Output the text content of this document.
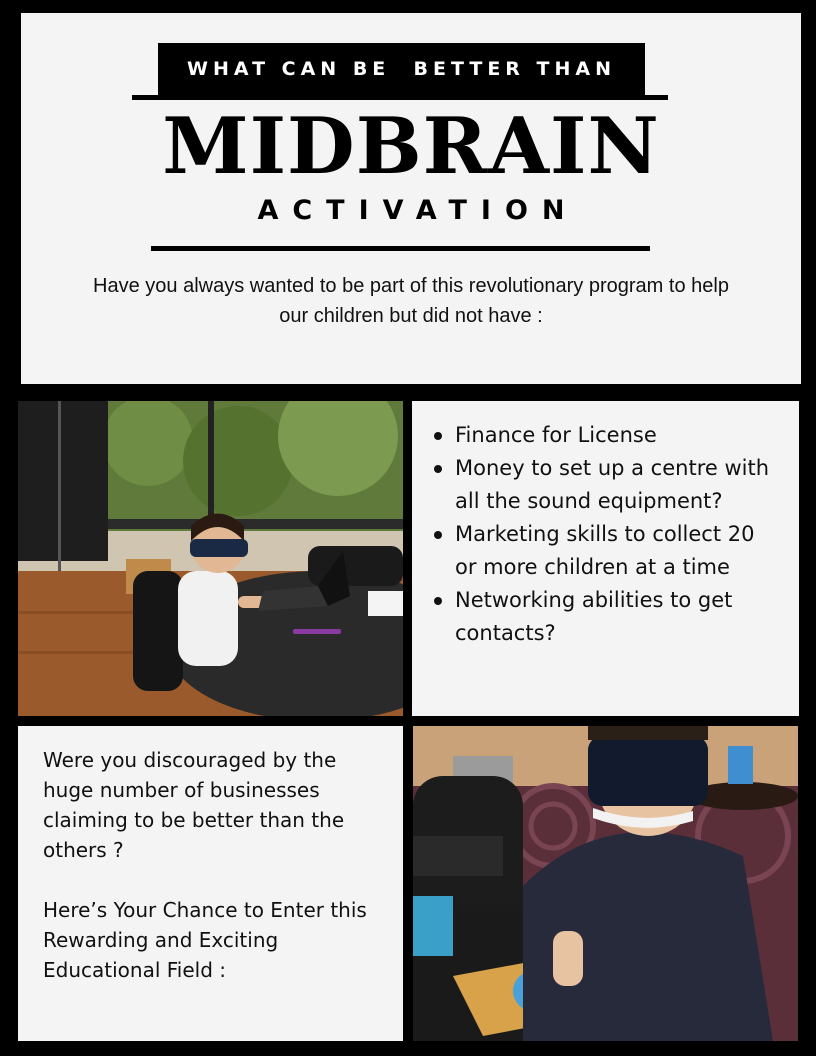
WHAT CAN BE  BETTER THAN
MIDBRAIN
ACTIVATION
Have you always wanted to be part of this revolutionary program to help our children but did not have :
Finance for License
Money to set up a centre with all the sound equipment?
Marketing skills to collect 20 or more children at a time
Networking abilities to get contacts?

Were you discouraged by the huge number of businesses claiming to be better than the others ?

Here’s Your Chance to Enter this Rewarding and Exciting Educational Field :
